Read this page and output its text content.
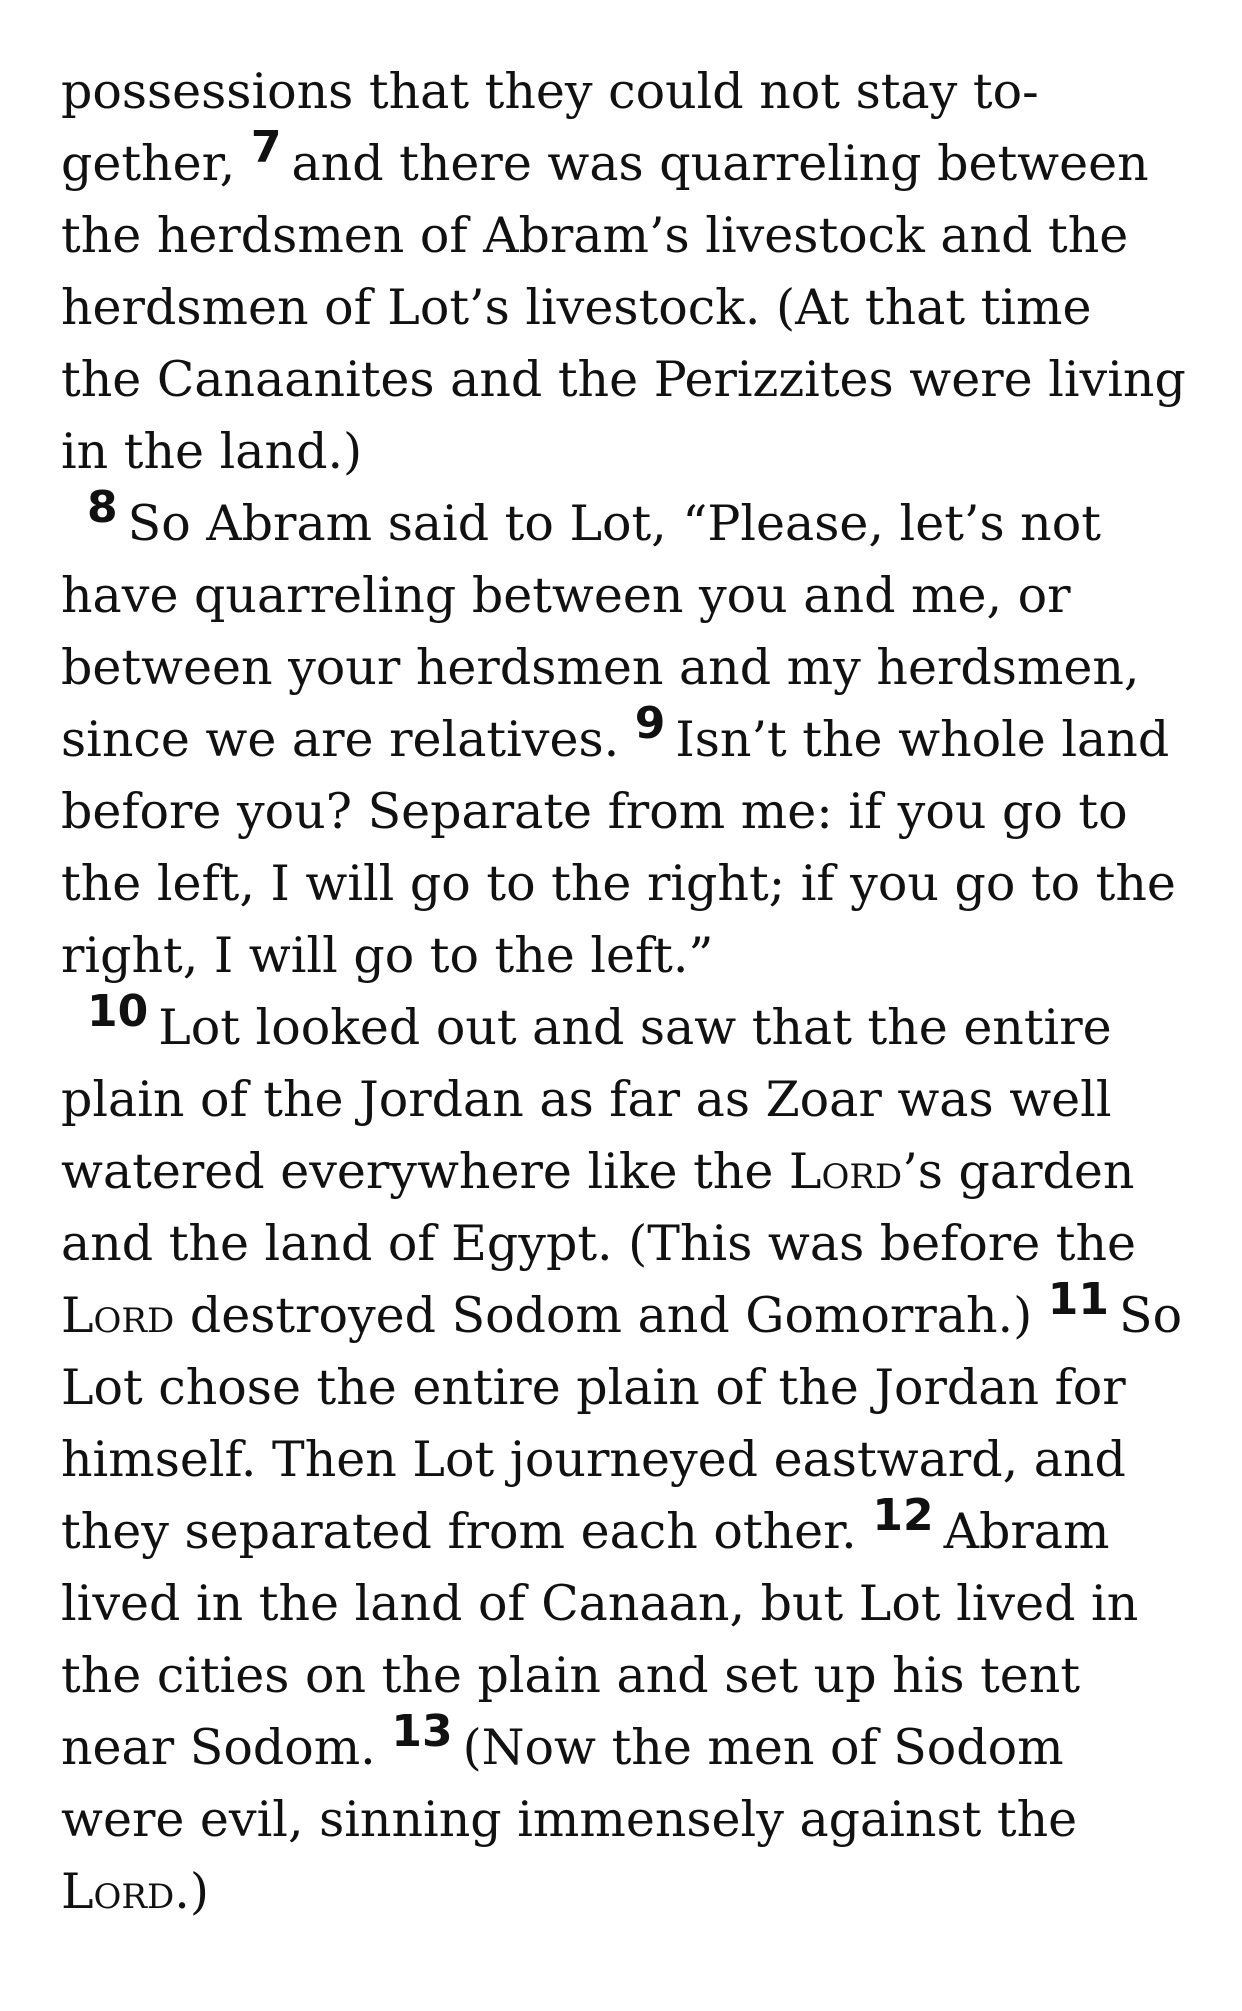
possessions that they could not stay to-
gether, 7 and there was quarreling between
the herdsmen of Abram’s livestock and the
herdsmen of Lot’s livestock. (At that time
the Canaanites and the Perizzites were living
in the land.)
8 So Abram said to Lot, “Please, let’s not
have quarreling between you and me, or
between your herdsmen and my herdsmen,
since we are relatives. 9 Isn’t the whole land
before you? Separate from me: if you go to
the left, I will go to the right; if you go to the
right, I will go to the left.”
10 Lot looked out and saw that the entire
plain of the Jordan as far as Zoar was well
watered everywhere like the Lord’s garden
and the land of Egypt. (This was before the
Lord destroyed Sodom and Gomorrah.) 11 So
Lot chose the entire plain of the Jordan for
himself. Then Lot journeyed eastward, and
they separated from each other. 12 Abram
lived in the land of Canaan, but Lot lived in
the cities on the plain and set up his tent
near Sodom. 13 (Now the men of Sodom
were evil, sinning immensely against the
Lord.)
